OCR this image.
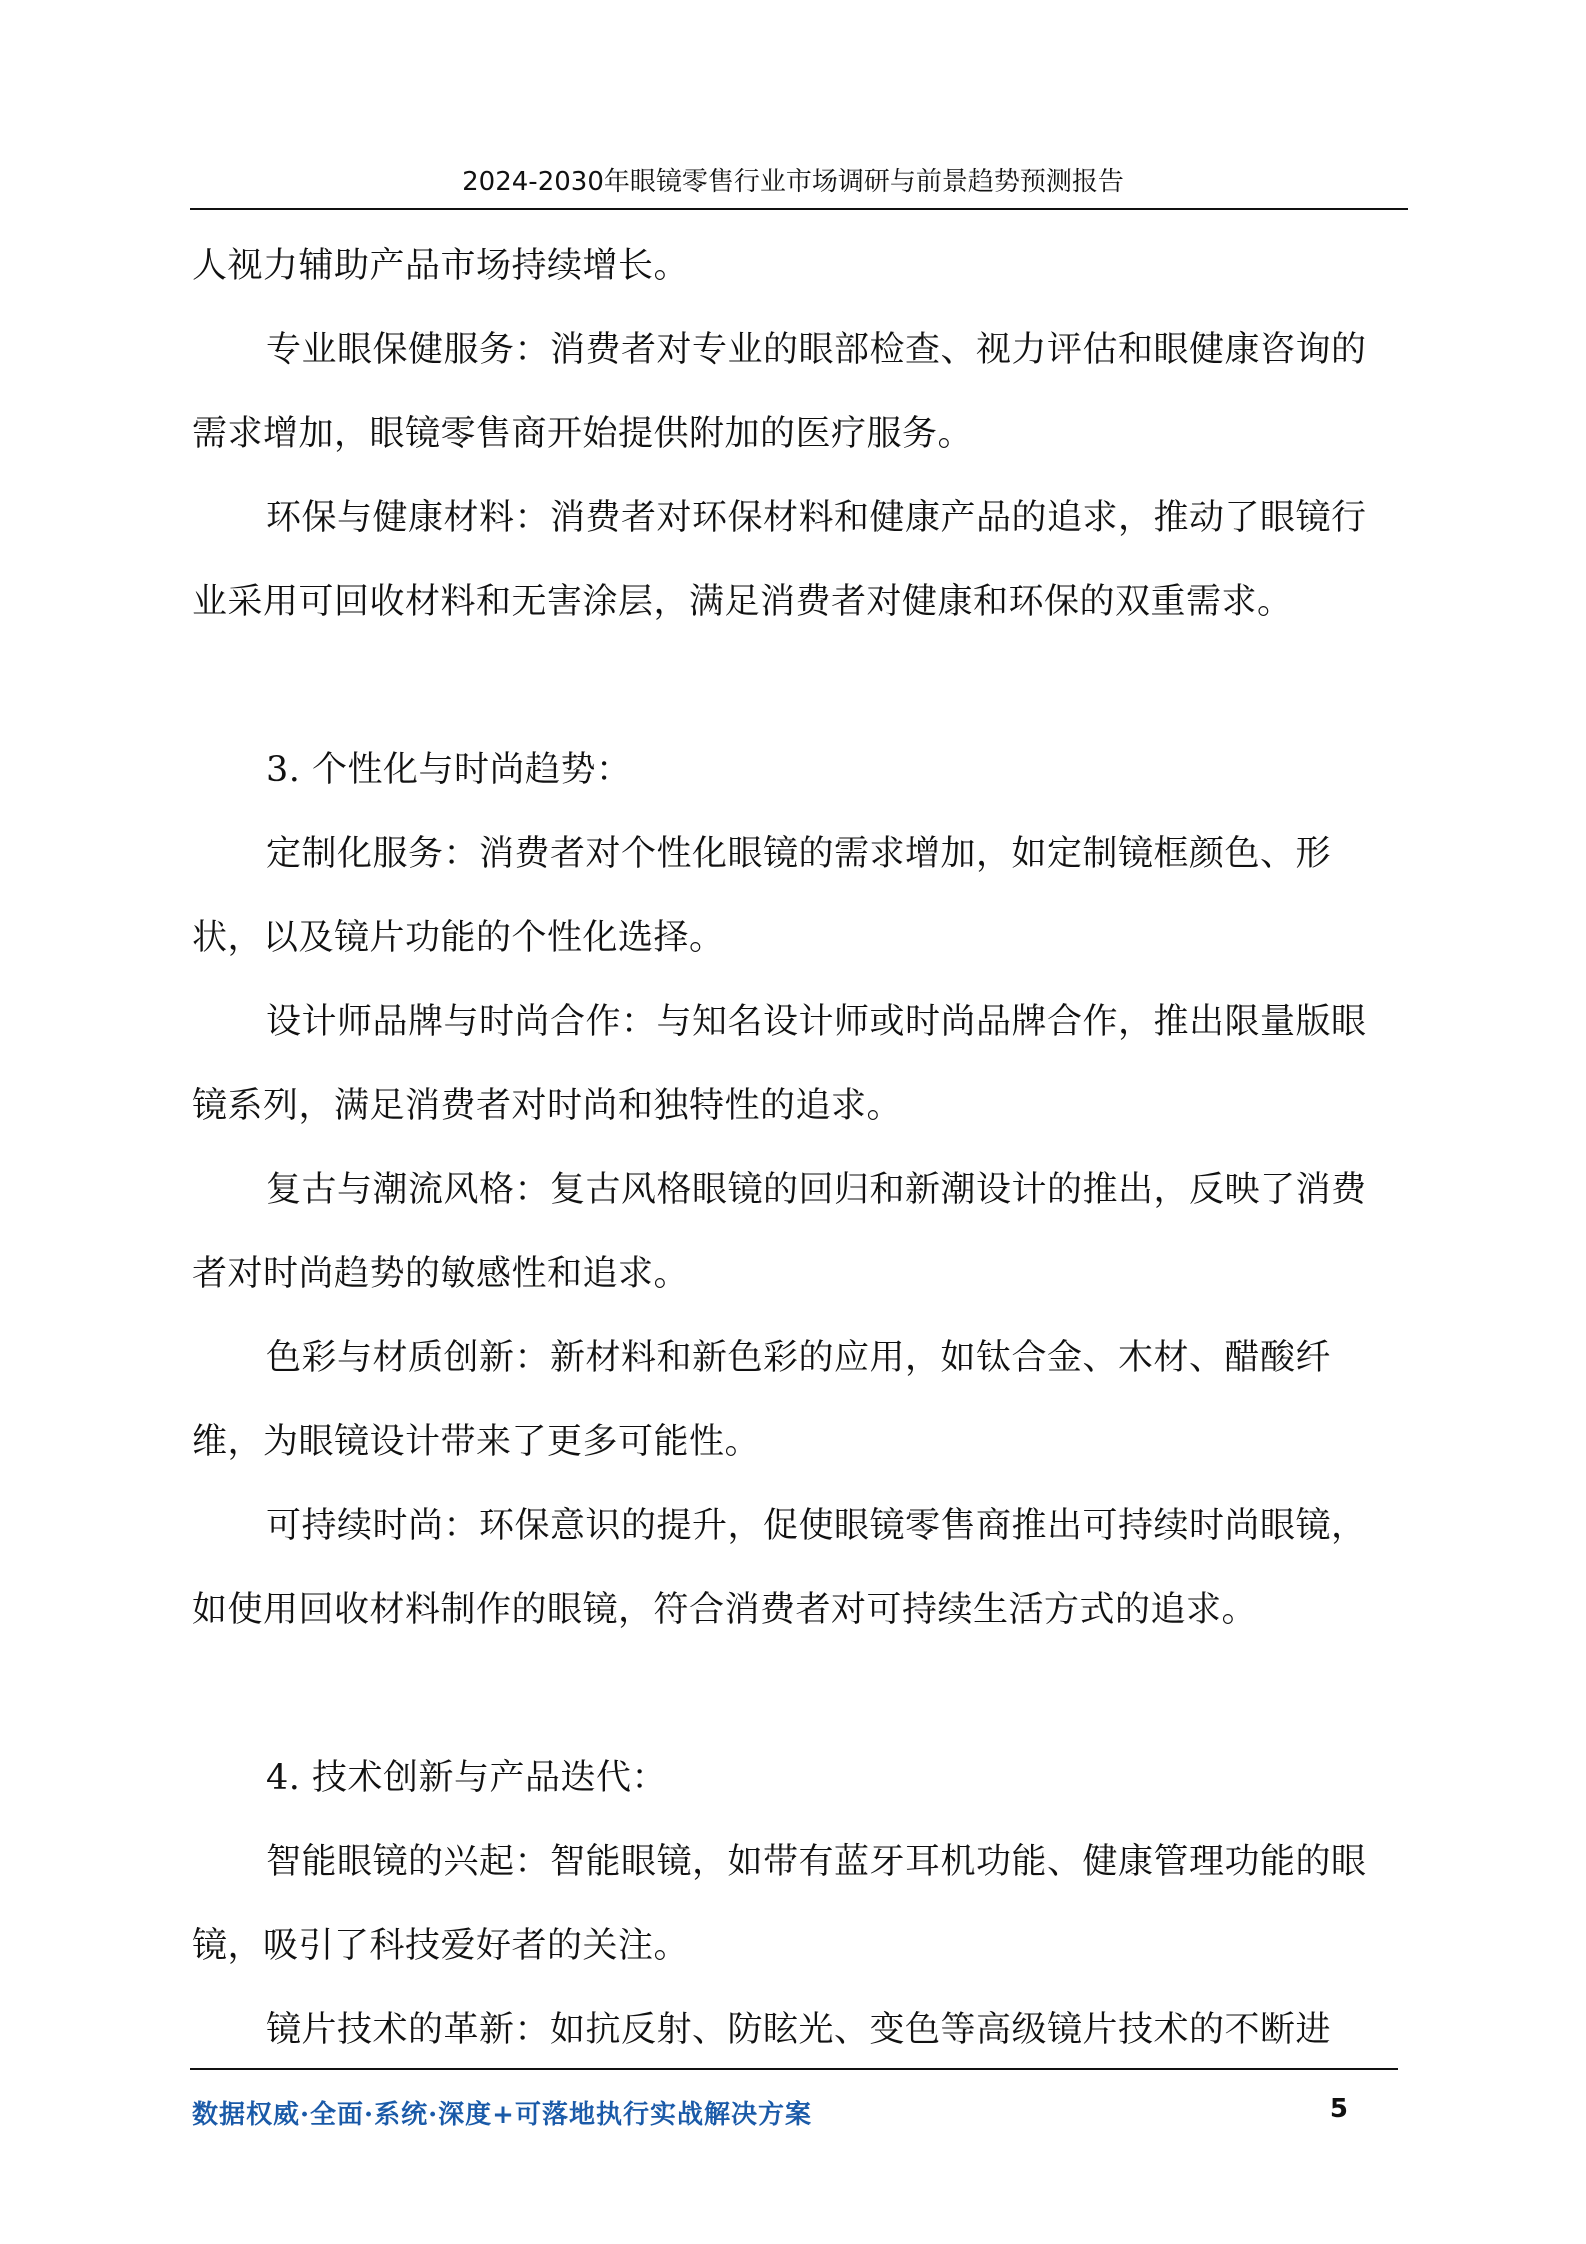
2024-2030年眼镜零售行业市场调研与前景趋势预测报告

人视力辅助产品市场持续增长。

专业眼保健服务：消费者对专业的眼部检查、视力评估和眼健康咨询的需求增加，眼镜零售商开始提供附加的医疗服务。

环保与健康材料：消费者对环保材料和健康产品的追求，推动了眼镜行业采用可回收材料和无害涂层，满足消费者对健康和环保的双重需求。

3. 个性化与时尚趋势：

定制化服务：消费者对个性化眼镜的需求增加，如定制镜框颜色、形状，以及镜片功能的个性化选择。

设计师品牌与时尚合作：与知名设计师或时尚品牌合作，推出限量版眼镜系列，满足消费者对时尚和独特性的追求。

复古与潮流风格：复古风格眼镜的回归和新潮设计的推出，反映了消费者对时尚趋势的敏感性和追求。

色彩与材质创新：新材料和新色彩的应用，如钛合金、木材、醋酸纤维，为眼镜设计带来了更多可能性。

可持续时尚：环保意识的提升，促使眼镜零售商推出可持续时尚眼镜，如使用回收材料制作的眼镜，符合消费者对可持续生活方式的追求。

4. 技术创新与产品迭代：

智能眼镜的兴起：智能眼镜，如带有蓝牙耳机功能、健康管理功能的眼镜，吸引了科技爱好者的关注。

镜片技术的革新：如抗反射、防眩光、变色等高级镜片技术的不断进

数据权威·全面·系统·深度+可落地执行实战解决方案	5
